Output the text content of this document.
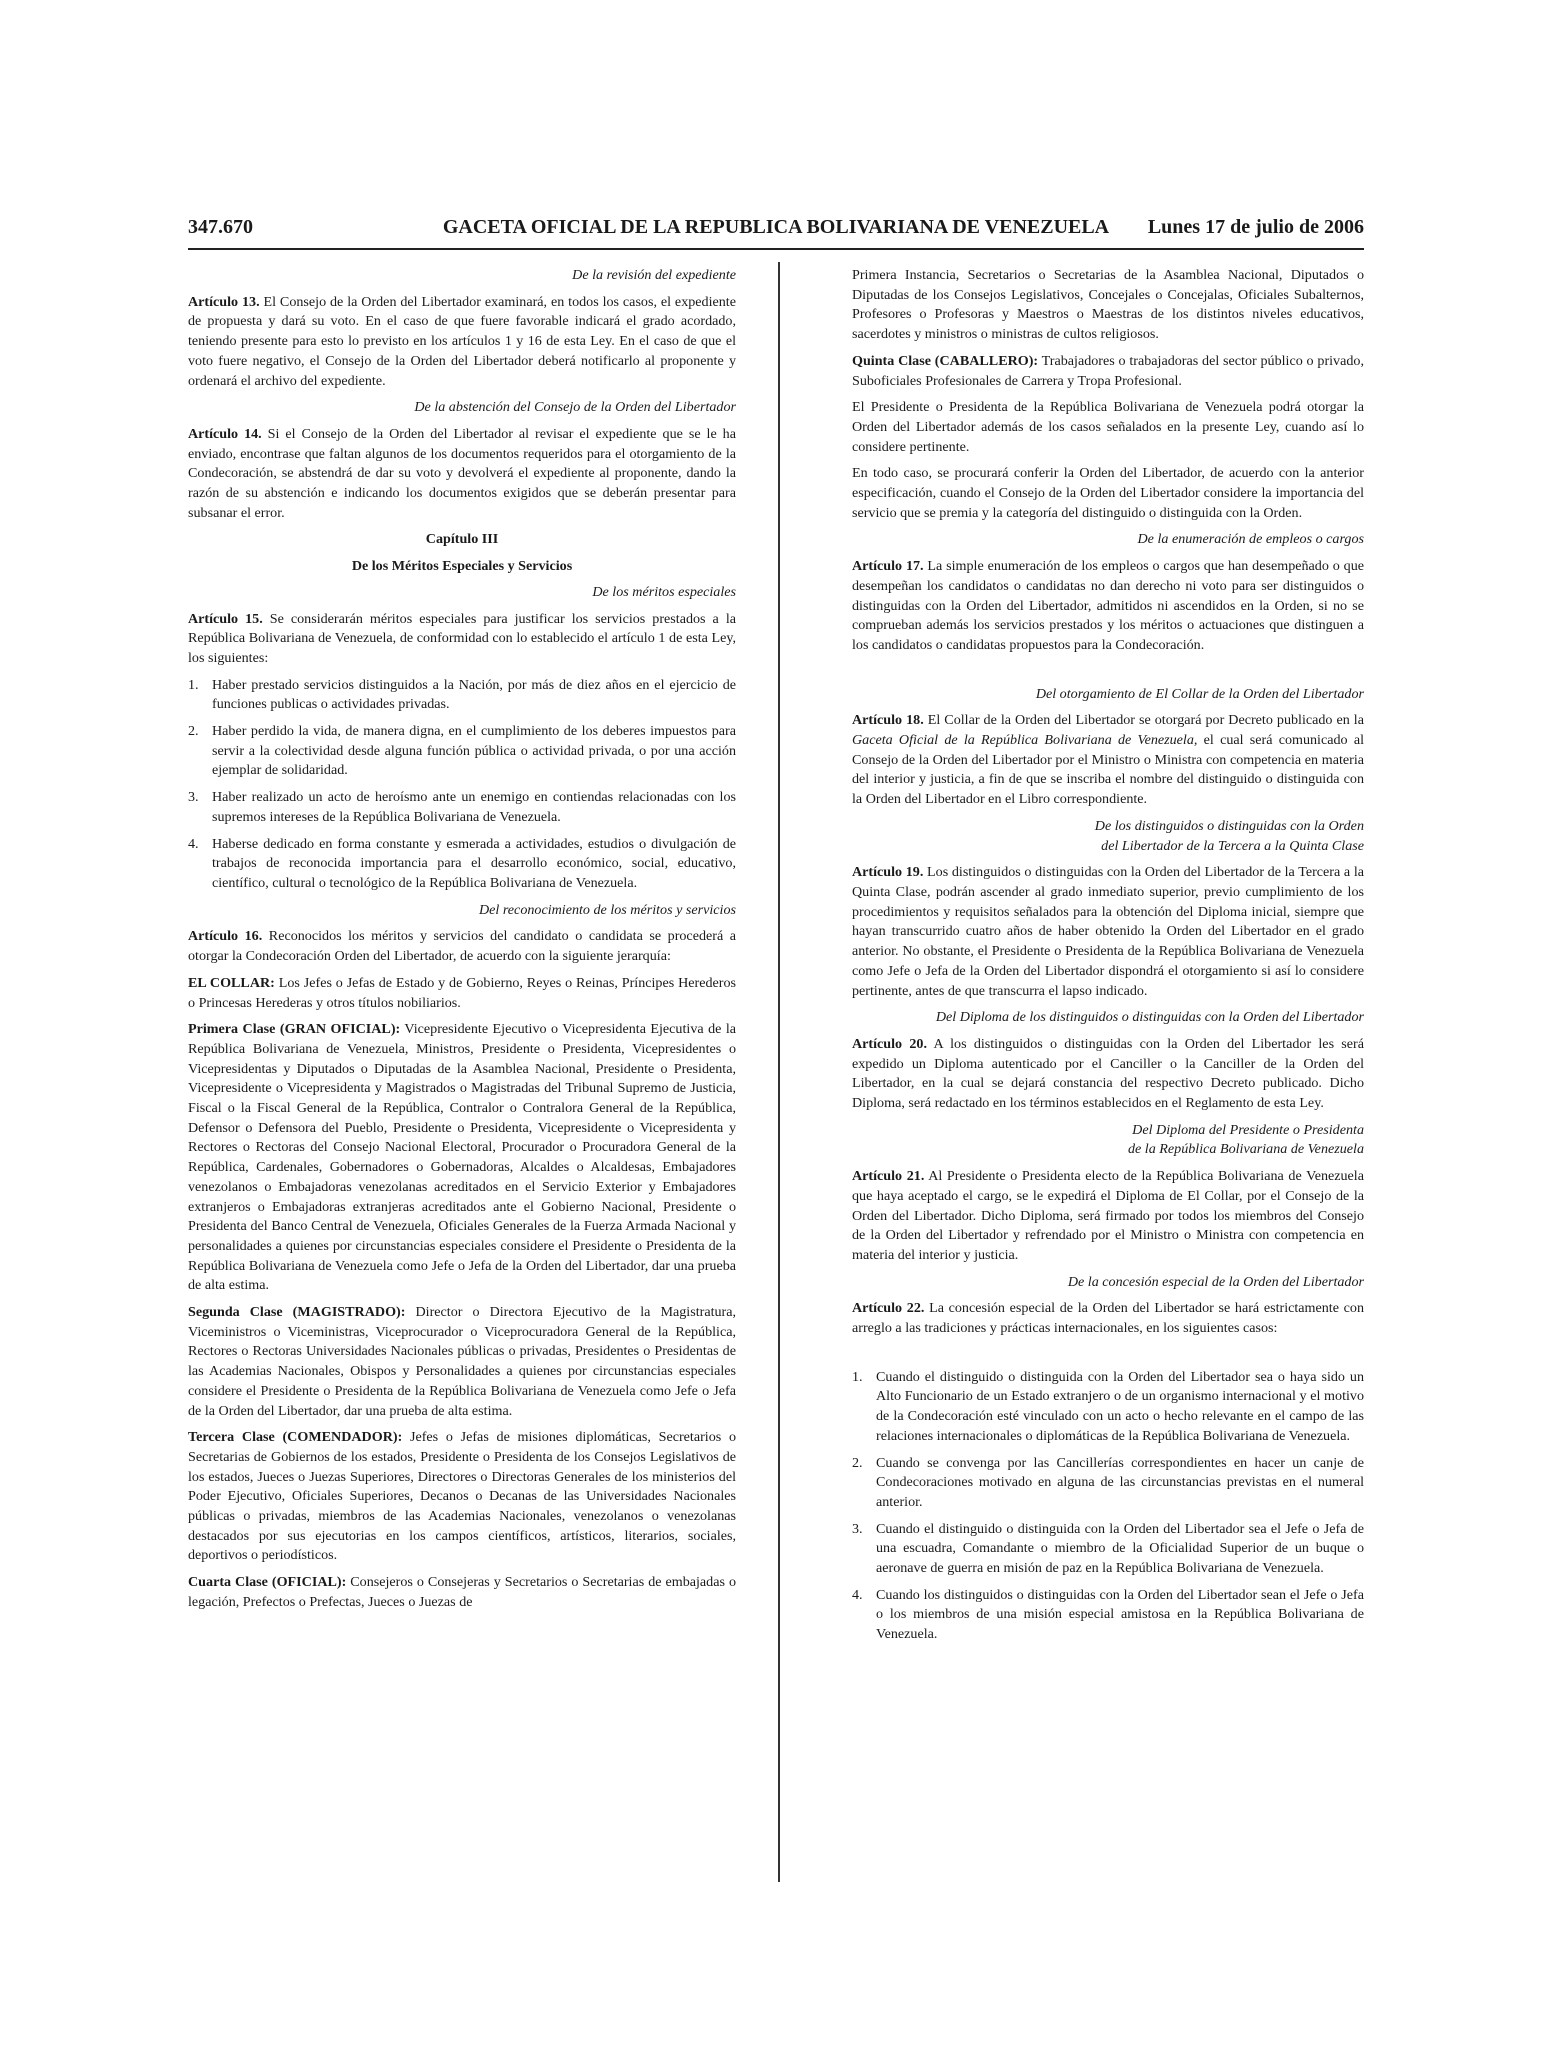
347.670	GACETA OFICIAL DE LA REPUBLICA BOLIVARIANA DE VENEZUELA	Lunes 17 de julio de 2006

De la revisión del expediente

Artículo 13. El Consejo de la Orden del Libertador examinará, en todos los casos, el expediente de propuesta y dará su voto. En el caso de que fuere favorable indicará el grado acordado, teniendo presente para esto lo previsto en los artículos 1 y 16 de esta Ley. En el caso de que el voto fuere negativo, el Consejo de la Orden del Libertador deberá notificarlo al proponente y ordenará el archivo del expediente.

De la abstención del Consejo de la Orden del Libertador

Artículo 14. Si el Consejo de la Orden del Libertador al revisar el expediente que se le ha enviado, encontrase que faltan algunos de los documentos requeridos para el otorgamiento de la Condecoración, se abstendrá de dar su voto y devolverá el expediente al proponente, dando la razón de su abstención e indicando los documentos exigidos que se deberán presentar para subsanar el error.

Capítulo III

De los Méritos Especiales y Servicios

De los méritos especiales

Artículo 15. Se considerarán méritos especiales para justificar los servicios prestados a la República Bolivariana de Venezuela, de conformidad con lo establecido el artículo 1 de esta Ley, los siguientes:

1. Haber prestado servicios distinguidos a la Nación, por más de diez años en el ejercicio de funciones publicas o actividades privadas.
2. Haber perdido la vida, de manera digna, en el cumplimiento de los deberes impuestos para servir a la colectividad desde alguna función pública o actividad privada, o por una acción ejemplar de solidaridad.
3. Haber realizado un acto de heroísmo ante un enemigo en contiendas relacionadas con los supremos intereses de la República Bolivariana de Venezuela.
4. Haberse dedicado en forma constante y esmerada a actividades, estudios o divulgación de trabajos de reconocida importancia para el desarrollo económico, social, educativo, científico, cultural o tecnológico de la República Bolivariana de Venezuela.

Del reconocimiento de los méritos y servicios

Artículo 16. Reconocidos los méritos y servicios del candidato o candidata se procederá a otorgar la Condecoración Orden del Libertador, de acuerdo con la siguiente jerarquía:

EL COLLAR: Los Jefes o Jefas de Estado y de Gobierno, Reyes o Reinas, Príncipes Herederos o Princesas Herederas y otros títulos nobiliarios.

Primera Clase (GRAN OFICIAL): Vicepresidente Ejecutivo o Vicepresidenta Ejecutiva de la República Bolivariana de Venezuela, Ministros, Presidente o Presidenta, Vicepresidentes o Vicepresidentas y Diputados o Diputadas de la Asamblea Nacional, Presidente o Presidenta, Vicepresidente o Vicepresidenta y Magistrados o Magistradas del Tribunal Supremo de Justicia, Fiscal o la Fiscal General de la República, Contralor o Contralora General de la República, Defensor o Defensora del Pueblo, Presidente o Presidenta, Vicepresidente o Vicepresidenta y Rectores o Rectoras del Consejo Nacional Electoral, Procurador o Procuradora General de la República, Cardenales, Gobernadores o Gobernadoras, Alcaldes o Alcaldesas, Embajadores venezolanos o Embajadoras venezolanas acreditados en el Servicio Exterior y Embajadores extranjeros o Embajadoras extranjeras acreditados ante el Gobierno Nacional, Presidente o Presidenta del Banco Central de Venezuela, Oficiales Generales de la Fuerza Armada Nacional y personalidades a quienes por circunstancias especiales considere el Presidente o Presidenta de la República Bolivariana de Venezuela como Jefe o Jefa de la Orden del Libertador, dar una prueba de alta estima.

Segunda Clase (MAGISTRADO): Director o Directora Ejecutivo de la Magistratura, Viceministros o Viceministras, Viceprocurador o Viceprocuradora General de la República, Rectores o Rectoras Universidades Nacionales públicas o privadas, Presidentes o Presidentas de las Academias Nacionales, Obispos y Personalidades a quienes por circunstancias especiales considere el Presidente o Presidenta de la República Bolivariana de Venezuela como Jefe o Jefa de la Orden del Libertador, dar una prueba de alta estima.

Tercera Clase (COMENDADOR): Jefes o Jefas de misiones diplomáticas, Secretarios o Secretarias de Gobiernos de los estados, Presidente o Presidenta de los Consejos Legislativos de los estados, Jueces o Juezas Superiores, Directores o Directoras Generales de los ministerios del Poder Ejecutivo, Oficiales Superiores, Decanos o Decanas de las Universidades Nacionales públicas o privadas, miembros de las Academias Nacionales, venezolanos o venezolanas destacados por sus ejecutorias en los campos científicos, artísticos, literarios, sociales, deportivos o periodísticos.

Cuarta Clase (OFICIAL): Consejeros o Consejeras y Secretarios o Secretarias de embajadas o legación, Prefectos o Prefectas, Jueces o Juezas de

Primera Instancia, Secretarios o Secretarias de la Asamblea Nacional, Diputados o Diputadas de los Consejos Legislativos, Concejales o Concejalas, Oficiales Subalternos, Profesores o Profesoras y Maestros o Maestras de los distintos niveles educativos, sacerdotes y ministros o ministras de cultos religiosos.

Quinta Clase (CABALLERO): Trabajadores o trabajadoras del sector público o privado, Suboficiales Profesionales de Carrera y Tropa Profesional.

El Presidente o Presidenta de la República Bolivariana de Venezuela podrá otorgar la Orden del Libertador además de los casos señalados en la presente Ley, cuando así lo considere pertinente.

En todo caso, se procurará conferir la Orden del Libertador, de acuerdo con la anterior especificación, cuando el Consejo de la Orden del Libertador considere la importancia del servicio que se premia y la categoría del distinguido o distinguida con la Orden.

De la enumeración de empleos o cargos

Artículo 17. La simple enumeración de los empleos o cargos que han desempeñado o que desempeñan los candidatos o candidatas no dan derecho ni voto para ser distinguidos o distinguidas con la Orden del Libertador, admitidos ni ascendidos en la Orden, si no se comprueban además los servicios prestados y los méritos o actuaciones que distinguen a los candidatos o candidatas propuestos para la Condecoración.

Del otorgamiento de El Collar de la Orden del Libertador

Artículo 18. El Collar de la Orden del Libertador se otorgará por Decreto publicado en la Gaceta Oficial de la República Bolivariana de Venezuela, el cual será comunicado al Consejo de la Orden del Libertador por el Ministro o Ministra con competencia en materia del interior y justicia, a fin de que se inscriba el nombre del distinguido o distinguida con la Orden del Libertador en el Libro correspondiente.

De los distinguidos o distinguidas con la Orden

del Libertador de la Tercera a la Quinta Clase

Artículo 19. Los distinguidos o distinguidas con la Orden del Libertador de la Tercera a la Quinta Clase, podrán ascender al grado inmediato superior, previo cumplimiento de los procedimientos y requisitos señalados para la obtención del Diploma inicial, siempre que hayan transcurrido cuatro años de haber obtenido la Orden del Libertador en el grado anterior. No obstante, el Presidente o Presidenta de la República Bolivariana de Venezuela como Jefe o Jefa de la Orden del Libertador dispondrá el otorgamiento si así lo considere pertinente, antes de que transcurra el lapso indicado.

Del Diploma de los distinguidos o distinguidas con la Orden del Libertador

Artículo 20. A los distinguidos o distinguidas con la Orden del Libertador les será expedido un Diploma autenticado por el Canciller o la Canciller de la Orden del Libertador, en la cual se dejará constancia del respectivo Decreto publicado. Dicho Diploma, será redactado en los términos establecidos en el Reglamento de esta Ley.

Del Diploma del Presidente o Presidenta

de la República Bolivariana de Venezuela

Artículo 21. Al Presidente o Presidenta electo de la República Bolivariana de Venezuela que haya aceptado el cargo, se le expedirá el Diploma de El Collar, por el Consejo de la Orden del Libertador. Dicho Diploma, será firmado por todos los miembros del Consejo de la Orden del Libertador y refrendado por el Ministro o Ministra con competencia en materia del interior y justicia.

De la concesión especial de la Orden del Libertador

Artículo 22. La concesión especial de la Orden del Libertador se hará estrictamente con arreglo a las tradiciones y prácticas internacionales, en los siguientes casos:

1. Cuando el distinguido o distinguida con la Orden del Libertador sea o haya sido un Alto Funcionario de un Estado extranjero o de un organismo internacional y el motivo de la Condecoración esté vinculado con un acto o hecho relevante en el campo de las relaciones internacionales o diplomáticas de la República Bolivariana de Venezuela.
2. Cuando se convenga por las Cancillerías correspondientes en hacer un canje de Condecoraciones motivado en alguna de las circunstancias previstas en el numeral anterior.
3. Cuando el distinguido o distinguida con la Orden del Libertador sea el Jefe o Jefa de una escuadra, Comandante o miembro de la Oficialidad Superior de un buque o aeronave de guerra en misión de paz en la República Bolivariana de Venezuela.
4. Cuando los distinguidos o distinguidas con la Orden del Libertador sean el Jefe o Jefa o los miembros de una misión especial amistosa en la República Bolivariana de Venezuela.
